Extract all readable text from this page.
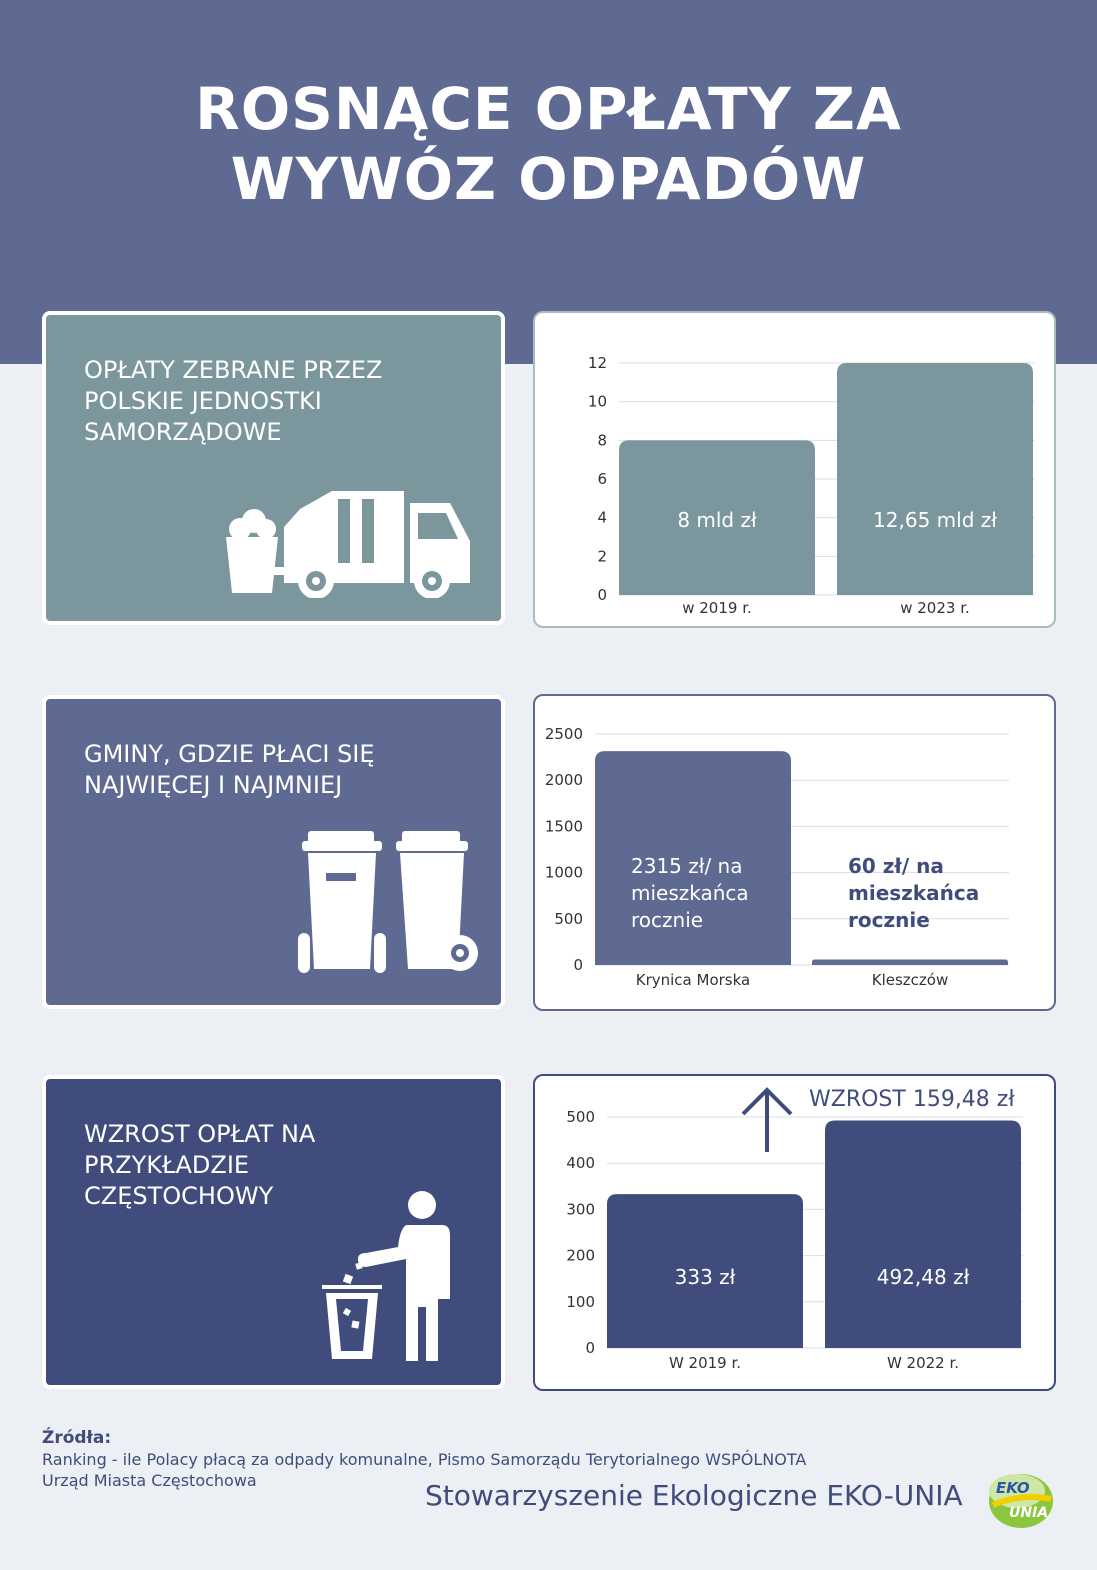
ROSNĄCE OPŁATY ZA
WYWÓZ ODPADÓW
OPŁATY ZEBRANE PRZEZ
POLSKIE JEDNOSTKI
SAMORZĄDOWE
0
2
4
6
8
10
12
w 2019 r.
8 mld zł
w 2023 r.
12,65 mld zł
GMINY, GDZIE PŁACI SIĘ
NAJWIĘCEJ I NAJMNIEJ
0
500
1000
1500
2000
2500
Krynica Morska
2315 zł/ na
mieszkańca
rocznie
Kleszczów
60 zł/ na
mieszkańca
rocznie
WZROST OPŁAT NA
PRZYKŁADZIE
CZĘSTOCHOWY
0
100
200
300
400
500
W 2019 r.
333 zł
W 2022 r.
492,48 zł
WZROST 159,48 zł
Źródła:
Ranking - ile Polacy płacą za odpady komunalne, Pismo Samorządu Terytorialnego WSPÓLNOTA
Urząd Miasta Częstochowa	Stowarzyszenie Ekologiczne EKO-UNIA EKO
UNIA
